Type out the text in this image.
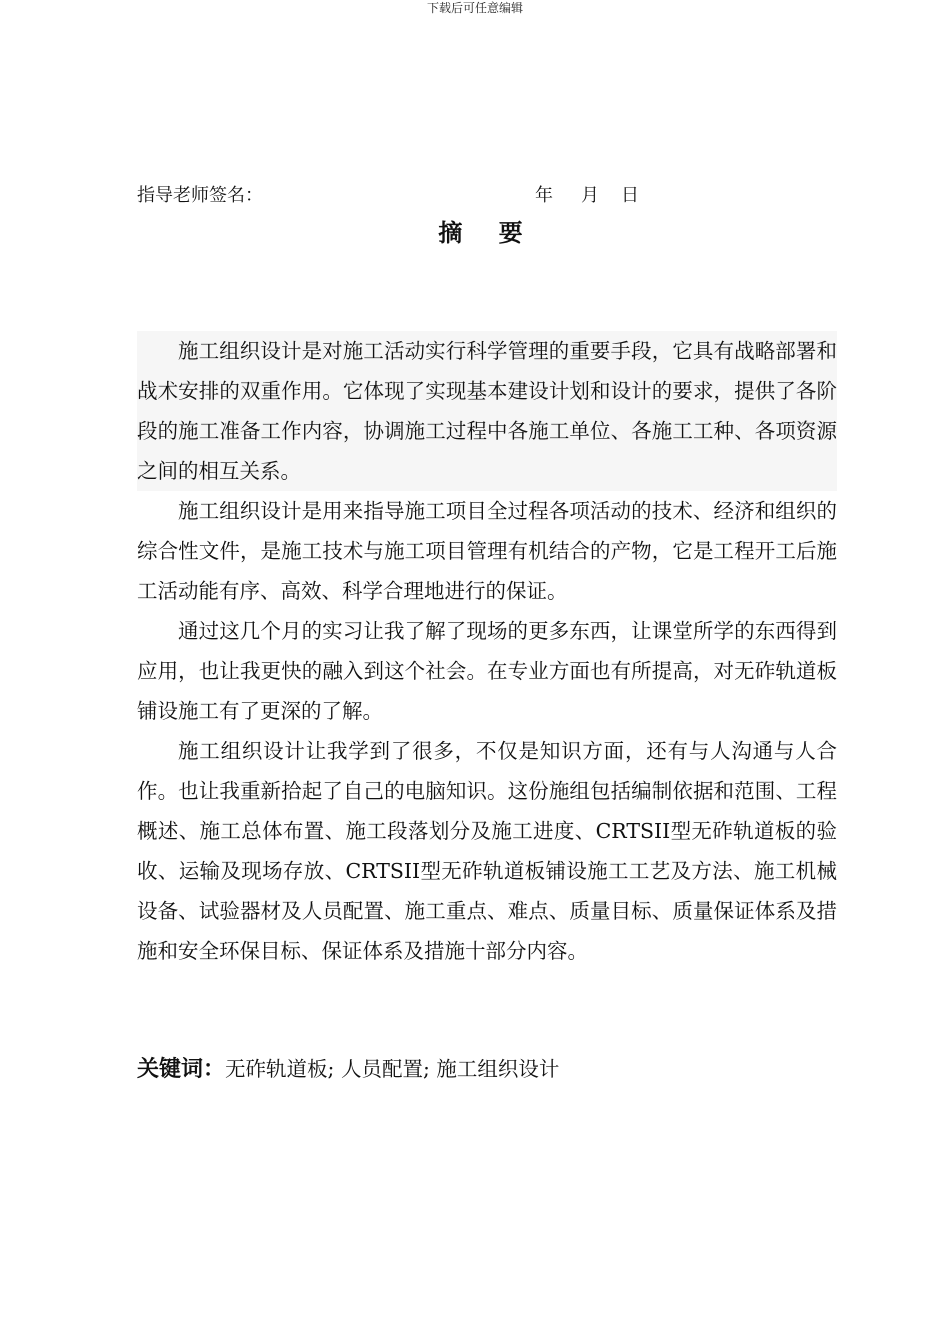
下载后可任意编辑
指导老师签名：	年 月 日
摘 要

施工组织设计是对施工活动实行科学管理的重要手段，它具有战略部署和战术安排的双重作用。它体现了实现基本建设计划和设计的要求，提供了各阶段的施工准备工作内容，协调施工过程中各施工单位、各施工工种、各项资源之间的相互关系。

施工组织设计是用来指导施工项目全过程各项活动的技术、经济和组织的综合性文件，是施工技术与施工项目管理有机结合的产物，它是工程开工后施工活动能有序、高效、科学合理地进行的保证。

通过这几个月的实习让我了解了现场的更多东西，让课堂所学的东西得到应用，也让我更快的融入到这个社会。在专业方面也有所提高，对无砟轨道板铺设施工有了更深的了解。

施工组织设计让我学到了很多，不仅是知识方面，还有与人沟通与人合作。也让我重新拾起了自己的电脑知识。这份施组包括编制依据和范围、工程概述、施工总体布置、施工段落划分及施工进度、CRTSII型无砟轨道板的验收、运输及现场存放、CRTSII型无砟轨道板铺设施工工艺及方法、施工机械设备、试验器材及人员配置、施工重点、难点、质量目标、质量保证体系及措施和安全环保目标、保证体系及措施十部分内容。

关键词：无砟轨道板; 人员配置; 施工组织设计
